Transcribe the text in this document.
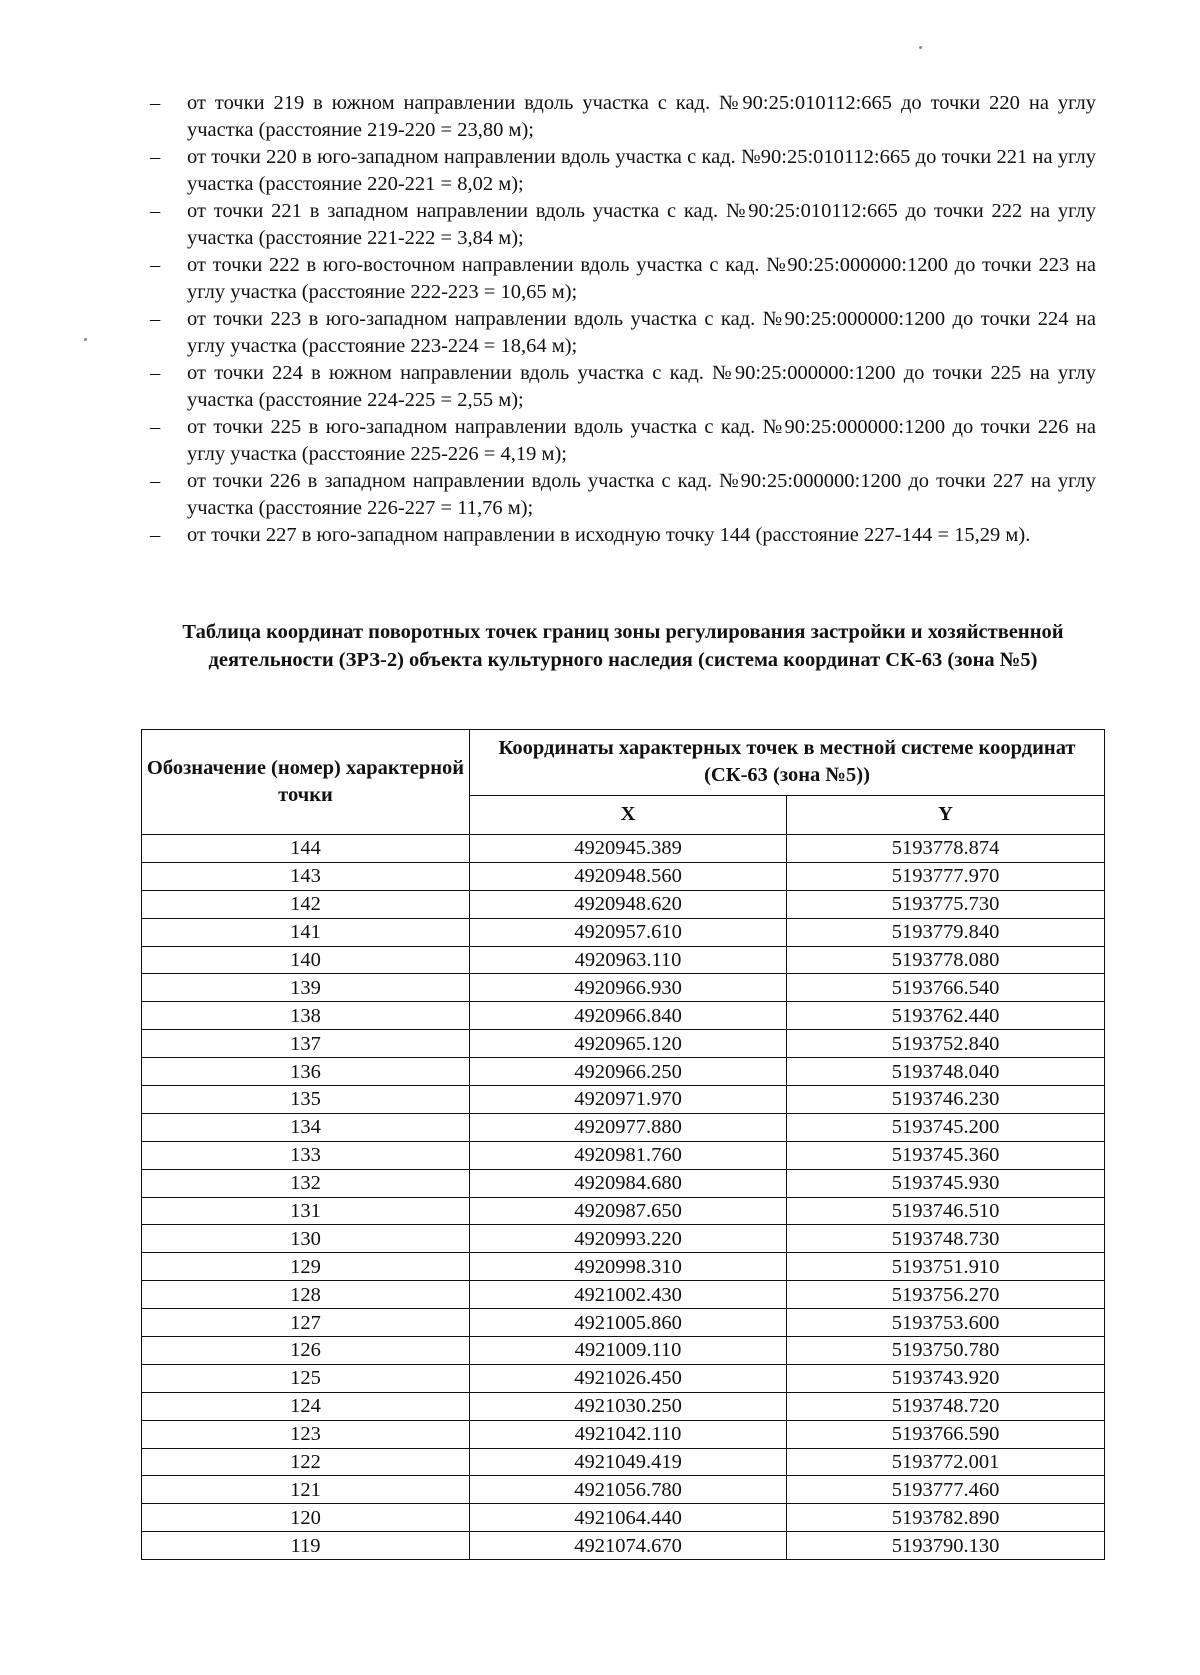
– от точки 219 в южном направлении вдоль участка с кад. №90:25:010112:665 до точки 220 на углу участка (расстояние 219-220 = 23,80 м);
– от точки 220 в юго-западном направлении вдоль участка с кад. №90:25:010112:665 до точки 221 на углу участка (расстояние 220-221 = 8,02 м);
– от точки 221 в западном направлении вдоль участка с кад. №90:25:010112:665 до точки 222 на углу участка (расстояние 221-222 = 3,84 м);
– от точки 222 в юго-восточном направлении вдоль участка с кад. №90:25:000000:1200 до точки 223 на углу участка (расстояние 222-223 = 10,65 м);
– от точки 223 в юго-западном направлении вдоль участка с кад. №90:25:000000:1200 до точки 224 на углу участка (расстояние 223-224 = 18,64 м);
– от точки 224 в южном направлении вдоль участка с кад. №90:25:000000:1200 до точки 225 на углу участка (расстояние 224-225 = 2,55 м);
– от точки 225 в юго-западном направлении вдоль участка с кад. №90:25:000000:1200 до точки 226 на углу участка (расстояние 225-226 = 4,19 м);
– от точки 226 в западном направлении вдоль участка с кад. №90:25:000000:1200 до точки 227 на углу участка (расстояние 226-227 = 11,76 м);
– от точки 227 в юго-западном направлении в исходную точку 144 (расстояние 227-144 = 15,29 м).
Таблица координат поворотных точек границ зоны регулирования застройки и хозяйственной деятельности (ЗРЗ-2) объекта культурного наследия (система координат СК-63 (зона №5)
Обозначение (номер) характерной точки	Координаты характерных точек в местной системе координат (СК-63 (зона №5))	
	X	Y
144	4920945.389	5193778.874
143	4920948.560	5193777.970
142	4920948.620	5193775.730
141	4920957.610	5193779.840
140	4920963.110	5193778.080
139	4920966.930	5193766.540
138	4920966.840	5193762.440
137	4920965.120	5193752.840
136	4920966.250	5193748.040
135	4920971.970	5193746.230
134	4920977.880	5193745.200
133	4920981.760	5193745.360
132	4920984.680	5193745.930
131	4920987.650	5193746.510
130	4920993.220	5193748.730
129	4920998.310	5193751.910
128	4921002.430	5193756.270
127	4921005.860	5193753.600
126	4921009.110	5193750.780
125	4921026.450	5193743.920
124	4921030.250	5193748.720
123	4921042.110	5193766.590
122	4921049.419	5193772.001
121	4921056.780	5193777.460
120	4921064.440	5193782.890
119	4921074.670	5193790.130
